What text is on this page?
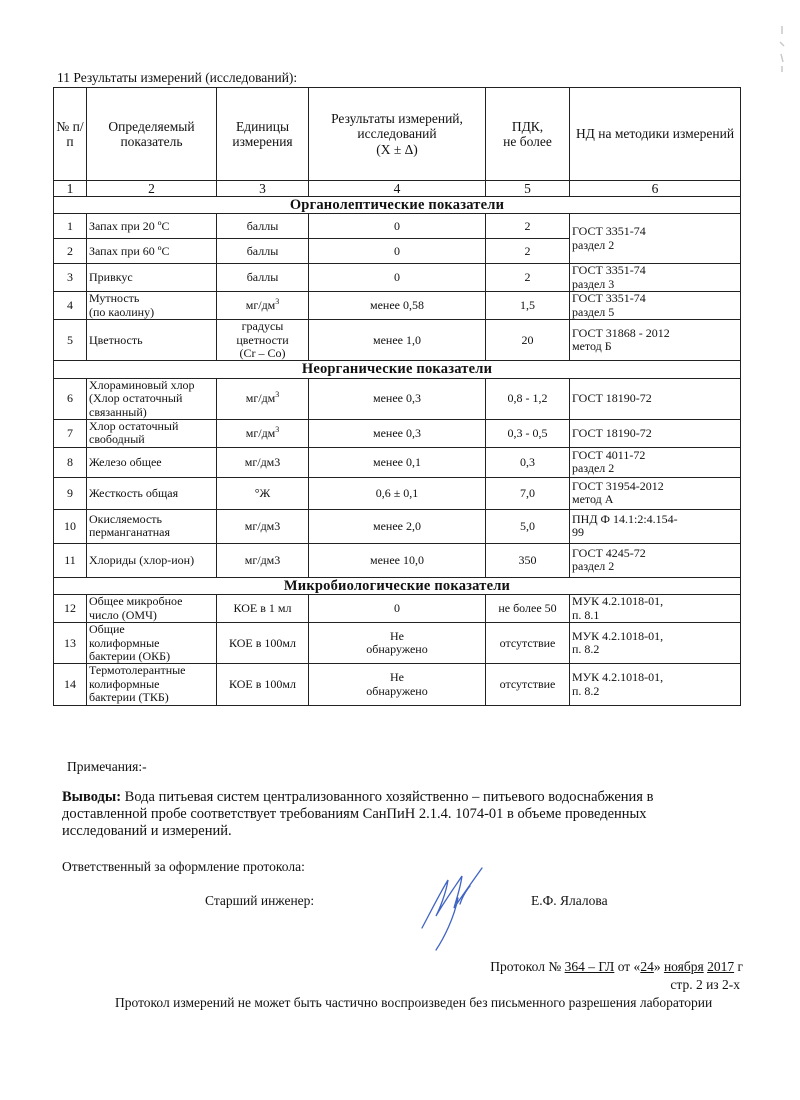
11 Результаты измерений (исследований):
№ п/п	Определяемый показатель	Единицы измерения	Результаты измерений, исследований
(Х ± Δ)	ПДК,
не более	НД на методики измерений
1	2	3	4	5	6
Органолептические показатели					
1	Запах при 20 ºС	баллы	0	2	ГОСТ 3351-74
раздел 2
2	Запах при 60 ºС	баллы	0	2	
3	Привкус	баллы	0	2	ГОСТ 3351-74
раздел 3
4	Мутность
(по каолину)	$мг/дм^3$	менее 0,58	1,5	ГОСТ 3351-74
раздел 5
5	Цветность	градусы
цветности
(Cr – Co)	менее 1,0	20	ГОСТ 31868 - 2012
метод Б
Неорганические показатели					
6	Хлораминовый хлор
(Хлор остаточный
связанный)	$мг/дм^3$	менее 0,3	0,8 - 1,2	ГОСТ 18190-72
7	Хлор остаточный
свободный	$мг/дм^3$	менее 0,3	0,3 - 0,5	ГОСТ 18190-72
8	Железо общее	мг/дм3	менее 0,1	0,3	ГОСТ 4011-72
раздел 2
9	Жесткость общая	°Ж	0,6 ± 0,1	7,0	ГОСТ 31954-2012
метод А
10	Окисляемость
перманганатная	мг/дм3	менее 2,0	5,0	ПНД Ф 14.1:2:4.154-
99
11	Хлориды (хлор-ион)	мг/дм3	менее 10,0	350	ГОСТ 4245-72
раздел 2
Микробиологические показатели					
12	Общее микробное
число (ОМЧ)	КОЕ в 1 мл	0	не более 50	МУК 4.2.1018-01,
п. 8.1
13	Общие
колиформные
бактерии (ОКБ)	КОЕ в 100мл	Не
обнаружено	отсутствие	МУК 4.2.1018-01,
п. 8.2
14	Термотолерантные
колиформные
бактерии (ТКБ)	КОЕ в 100мл	Не
обнаружено	отсутствие	МУК 4.2.1018-01,
п. 8.2
Примечания:-
Выводы: Вода питьевая систем централизованного хозяйственно – питьевого водоснабжения в доставленной пробе соответствует требованиям СанПиН 2.1.4. 1074-01 в объеме проведенных исследований и измерений.
Ответственный за оформление протокола:
Старший инженер:	Е.Ф. Ялалова
Протокол № 364 – ГЛ от «24» ноября 2017 г
стр. 2 из 2-х
Протокол измерений не может быть частично воспроизведен без письменного разрешения лаборатории
